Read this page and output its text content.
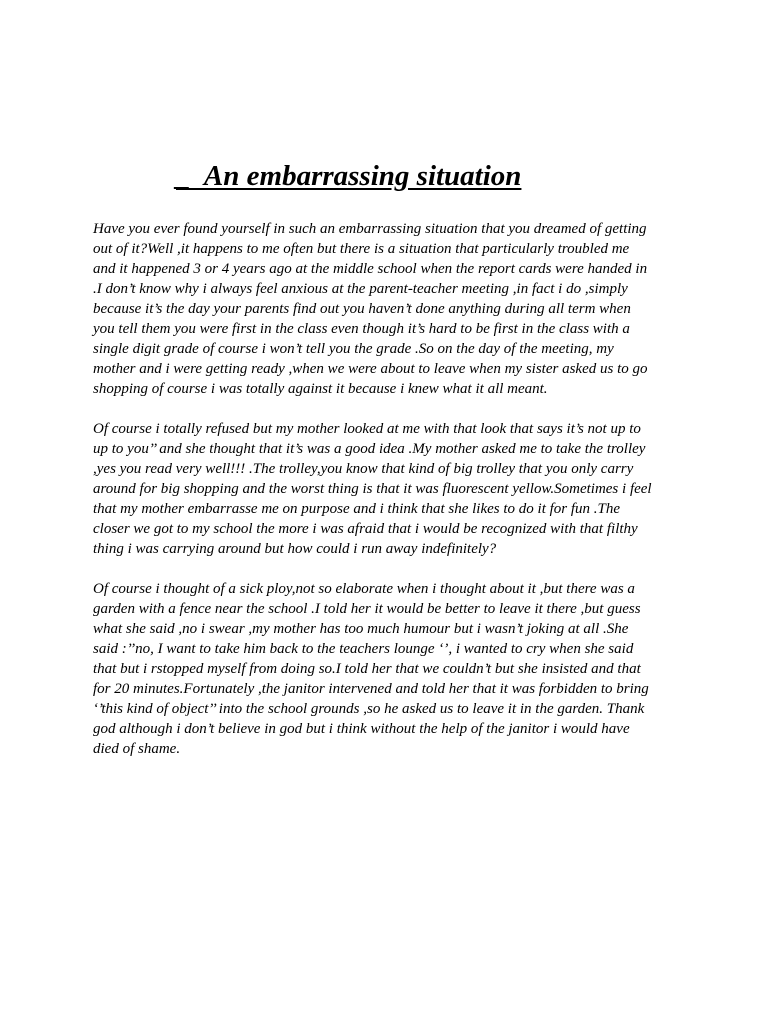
_  An embarrassing situation

Have you ever found yourself in such an embarrassing situation that you dreamed of getting
out of it?Well ,it happens to me often but there is a situation that particularly troubled me
and it happened 3 or 4 years ago at the middle school when the report cards were handed in
.I don’t know why i always feel anxious at the parent-teacher meeting ,in fact i do ,simply
because it’s the day your parents find out you haven’t done anything during all term when
you tell them you were first in the class even though it’s hard to be first in the class with a
single digit grade of course i won’t tell you the grade .So on the day of the meeting, my
mother and i were getting ready ,when we were about to leave when my sister asked us to go
shopping of course i was totally against it because i knew what it all meant.

Of course i totally refused but my mother looked at me with that look that says it’s not up to
up to you’’ and she thought that it’s was a good idea .My mother asked me to take the trolley
,yes you read very well!!! .The trolley,you know that kind of big trolley that you only carry
around for big shopping and the worst thing is that it was fluorescent yellow.Sometimes i feel
that my mother embarrasse me on purpose and i think that she likes to do it for fun .The
closer we got to my school the more i was afraid that i would be recognized with that filthy
thing i was carrying around but how could i run away indefinitely?

Of course i thought of a sick ploy,not so elaborate when i thought about it ,but there was a
garden with a fence near the school .I told her it would be better to leave it there ,but guess
what she said ,no i swear ,my mother has too much humour but i wasn’t joking at all .She
said :’’no, I want to take him back to the teachers lounge ‘’, i wanted to cry when she said
that but i rstopped myself from doing so.I told her that we couldn’t but she insisted and that
for 20 minutes.Fortunately ,the janitor intervened and told her that it was forbidden to bring
‘’this kind of object’’ into the school grounds ,so he asked us to leave it in the garden. Thank
god although i don’t believe in god but i think without the help of the janitor i would have
died of shame.
